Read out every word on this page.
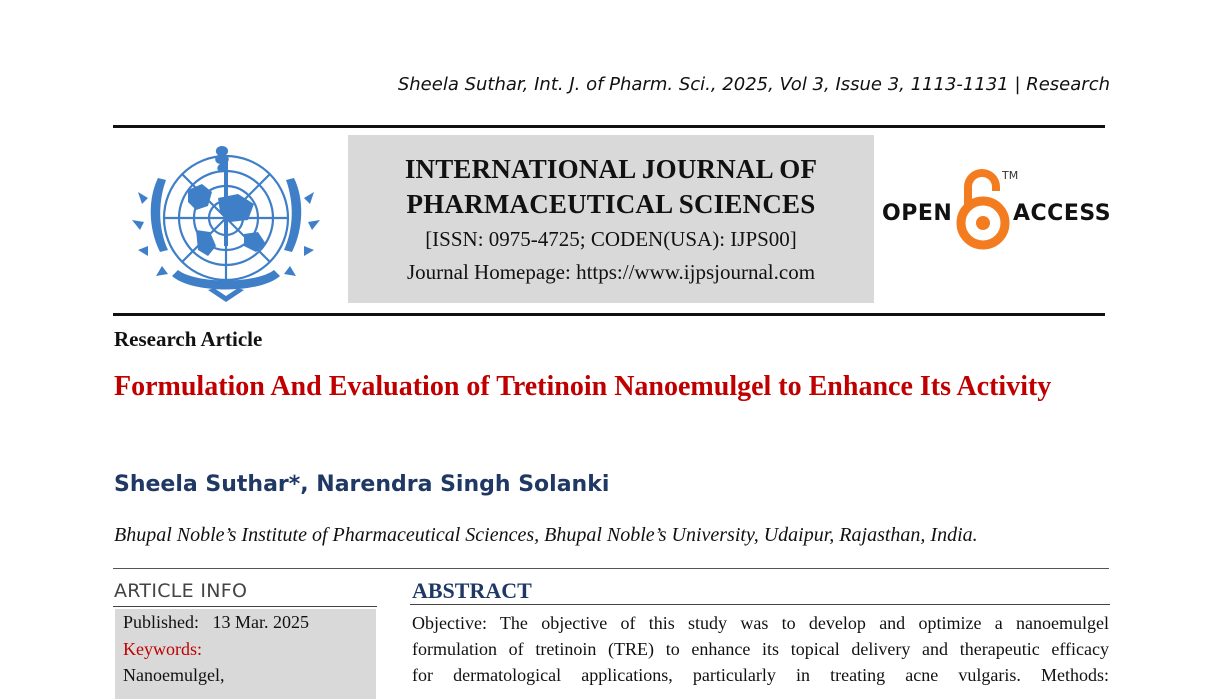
Sheela Suthar, Int. J. of Pharm. Sci., 2025, Vol 3, Issue 3, 1113-1131 | Research
INTERNATIONAL JOURNAL OF
PHARMACEUTICAL SCIENCES
[ISSN: 0975-4725; CODEN(USA): IJPS00]
Journal Homepage: https://www.ijpsjournal.com
OPEN
TM
ACCESS
Research Article
Formulation And Evaluation of Tretinoin Nanoemulgel to Enhance Its Activity
Sheela Suthar*, Narendra Singh Solanki
Bhupal Noble’s Institute of Pharmaceutical Sciences, Bhupal Noble’s University, Udaipur, Rajasthan, India.
ARTICLE INFO
Published: 13 Mar. 2025
Keywords:
Nanoemulgel,
ABSTRACT
Objective: The objective of this study was to develop and optimize a nanoemulgel
formulation of tretinoin (TRE) to enhance its topical delivery and therapeutic efficacy
for dermatological applications, particularly in treating acne vulgaris. Methods:
